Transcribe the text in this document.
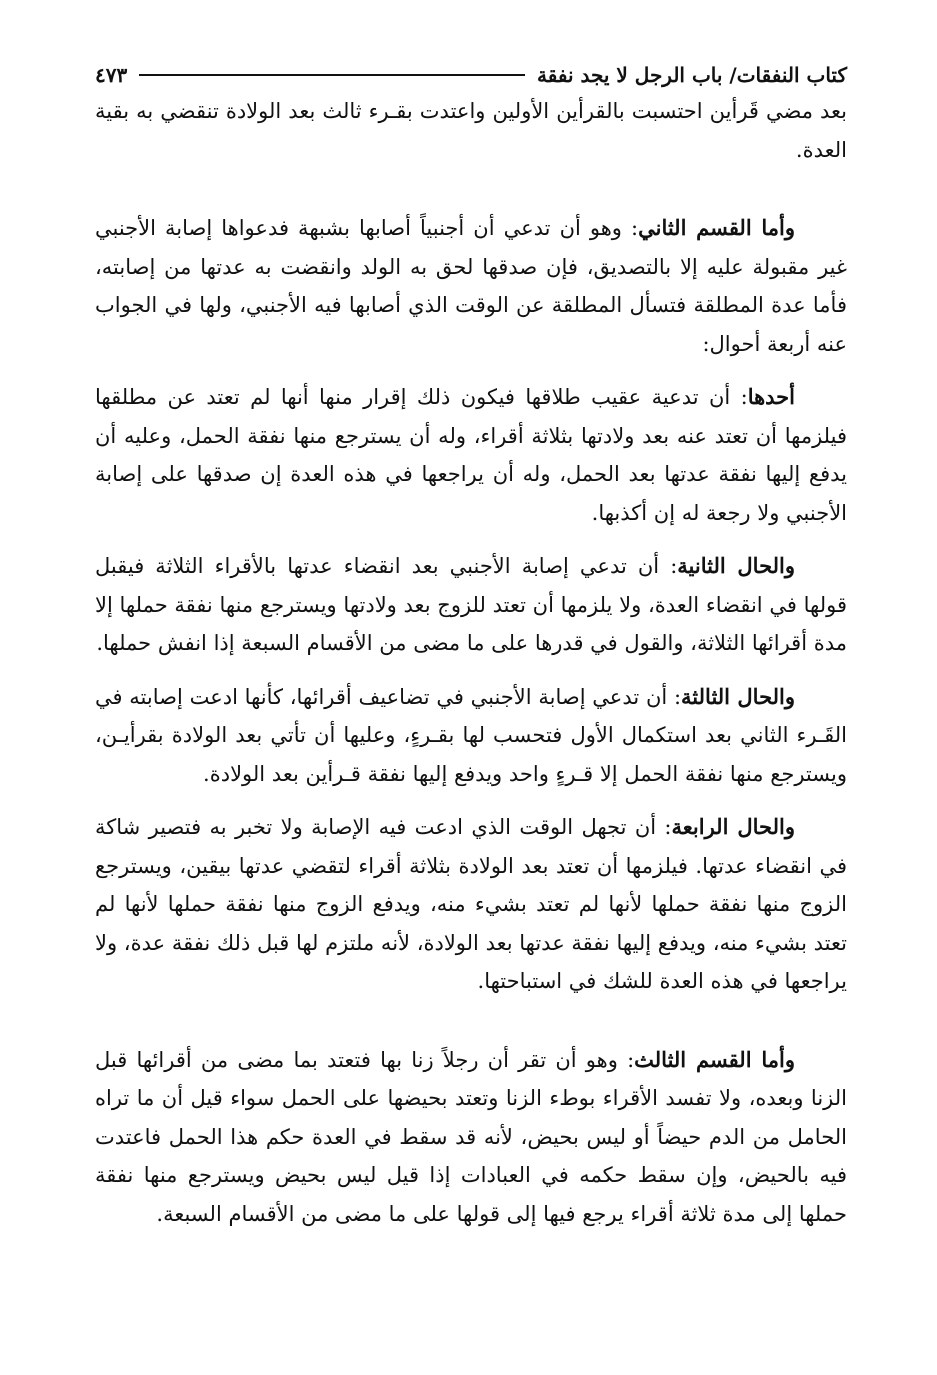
كتاب النفقات/ باب الرجل لا يجد نفقة
٤٧٣

بعد مضي قَرأين احتسبت بالقرأين الأولين واعتدت بقـرء ثالث بعد الولادة تنقضي به بقية العدة.

وأما القسم الثاني: وهو أن تدعي أن أجنبياً أصابها بشبهة فدعواها إصابة الأجنبي غير مقبولة عليه إلا بالتصديق، فإن صدقها لحق به الولد وانقضت به عدتها من إصابته، فأما عدة المطلقة فتسأل المطلقة عن الوقت الذي أصابها فيه الأجنبي، ولها في الجواب عنه أربعة أحوال:

أحدها: أن تدعية عقيب طلاقها فيكون ذلك إقرار منها أنها لم تعتد عن مطلقها فيلزمها أن تعتد عنه بعد ولادتها بثلاثة أقراء، وله أن يسترجع منها نفقة الحمل، وعليه أن يدفع إليها نفقة عدتها بعد الحمل، وله أن يراجعها في هذه العدة إن صدقها على إصابة الأجنبي ولا رجعة له إن أكذبها.

والحال الثانية: أن تدعي إصابة الأجنبي بعد انقضاء عدتها بالأقراء الثلاثة فيقبل قولها في انقضاء العدة، ولا يلزمها أن تعتد للزوج بعد ولادتها ويسترجع منها نفقة حملها إلا مدة أقرائها الثلاثة، والقول في قدرها على ما مضى من الأقسام السبعة إذا انفش حملها.

والحال الثالثة: أن تدعي إصابة الأجنبي في تضاعيف أقرائها، كأنها ادعت إصابته في القَـرء الثاني بعد استكمال الأول فتحسب لها بقـرءٍ، وعليها أن تأتي بعد الولادة بقرأيـن، ويسترجع منها نفقة الحمل إلا قـرءٍ واحد ويدفع إليها نفقة قـرأين بعد الولادة.

والحال الرابعة: أن تجهل الوقت الذي ادعت فيه الإصابة ولا تخبر به فتصير شاكة في انقضاء عدتها. فيلزمها أن تعتد بعد الولادة بثلاثة أقراء لتقضي عدتها بيقين، ويسترجع الزوج منها نفقة حملها لأنها لم تعتد بشيء منه، ويدفع الزوج منها نفقة حملها لأنها لم تعتد بشيء منه، ويدفع إليها نفقة عدتها بعد الولادة، لأنه ملتزم لها قبل ذلك نفقة عدة، ولا يراجعها في هذه العدة للشك في استباحتها.

وأما القسم الثالث: وهو أن تقر أن رجلاً زنا بها فتعتد بما مضى من أقرائها قبل الزنا وبعده، ولا تفسد الأقراء بوطء الزنا وتعتد بحيضها على الحمل سواء قيل أن ما تراه الحامل من الدم حيضاً أو ليس بحيض، لأنه قد سقط في العدة حكم هذا الحمل فاعتدت فيه بالحيض، وإن سقط حكمه في العبادات إذا قيل ليس بحيض ويسترجع منها نفقة حملها إلى مدة ثلاثة أقراء يرجع فيها إلى قولها على ما مضى من الأقسام السبعة.
